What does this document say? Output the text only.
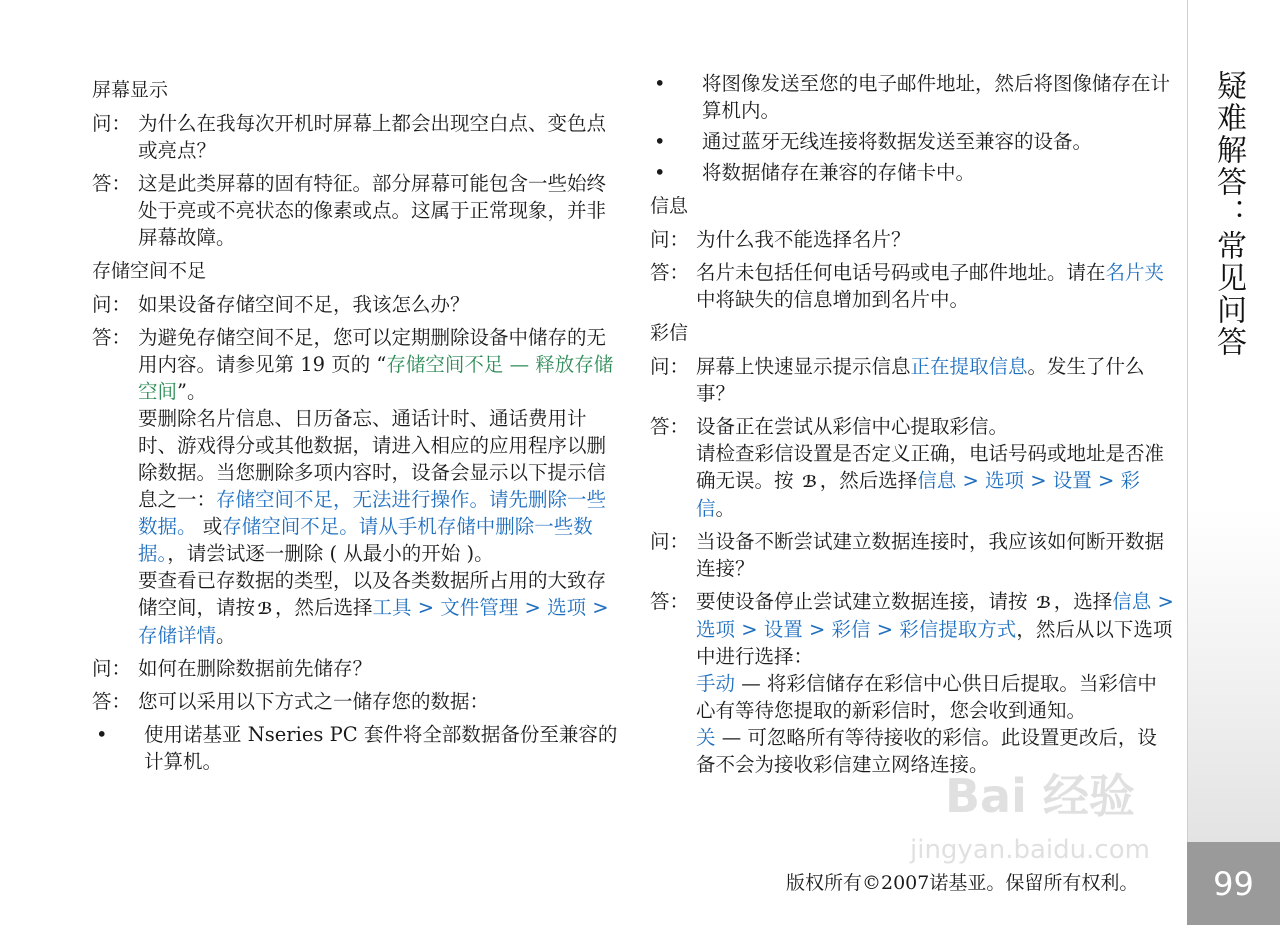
屏幕显示
问： 为什么在我每次开机时屏幕上都会出现空白点、变色点或亮点？
答： 这是此类屏幕的固有特征。部分屏幕可能包含一些始终处于亮或不亮状态的像素或点。这属于正常现象，并非屏幕故障。
存储空间不足
问： 如果设备存储空间不足，我该怎么办？
答： 为避免存储空间不足，您可以定期删除设备中储存的无用内容。请参见第 19 页的 “存储空间不足 — 释放存储空间”。

要删除名片信息、日历备忘、通话计时、通话费用计时、游戏得分或其他数据，请进入相应的应用程序以删除数据。当您删除多项内容时，设备会显示以下提示信息之一：存储空间不足，无法进行操作。请先删除一些数据。 或存储空间不足。请从手机存储中删除一些数据。，请尝试逐一删除 ( 从最小的开始 )。

要查看已存数据的类型，以及各类数据所占用的大致存储空间，请按 ℬ ，然后选择工具 > 文件管理 > 选项 > 存储详情。

问： 如何在删除数据前先储存？
答： 您可以采用以下方式之一储存您的数据：
•	使用诺基亚 Nseries PC 套件将全部数据备份至兼容的计算机。
•	将图像发送至您的电子邮件地址，然后将图像储存在计算机内。
•	通过蓝牙无线连接将数据发送至兼容的设备。
•	将数据储存在兼容的存储卡中。
信息
问： 为什么我不能选择名片？
答： 名片未包括任何电话号码或电子邮件地址。请在名片夹中将缺失的信息增加到名片中。
彩信
问： 屏幕上快速显示提示信息正在提取信息。发生了什么事？
答： 设备正在尝试从彩信中心提取彩信。

请检查彩信设置是否定义正确，电话号码或地址是否准确无误。按 ℬ ，然后选择信息 > 选项 > 设置 > 彩信。

问： 当设备不断尝试建立数据连接时，我应该如何断开数据连接？
答： 要使设备停止尝试建立数据连接，请按 ℬ ，选择信息 > 选项 > 设置 > 彩信 > 彩信提取方式，然后从以下选项中进行选择：

手动 — 将彩信储存在彩信中心供日后提取。当彩信中心有等待您提取的新彩信时，您会收到通知。

关 — 可忽略所有等待接收的彩信。此设置更改后，设备不会为接收彩信建立网络连接。

版权所有©2007诺基亚。保留所有权利。
Bai 经验
jingyan.baidu.com
疑难解答：常见问答
99
